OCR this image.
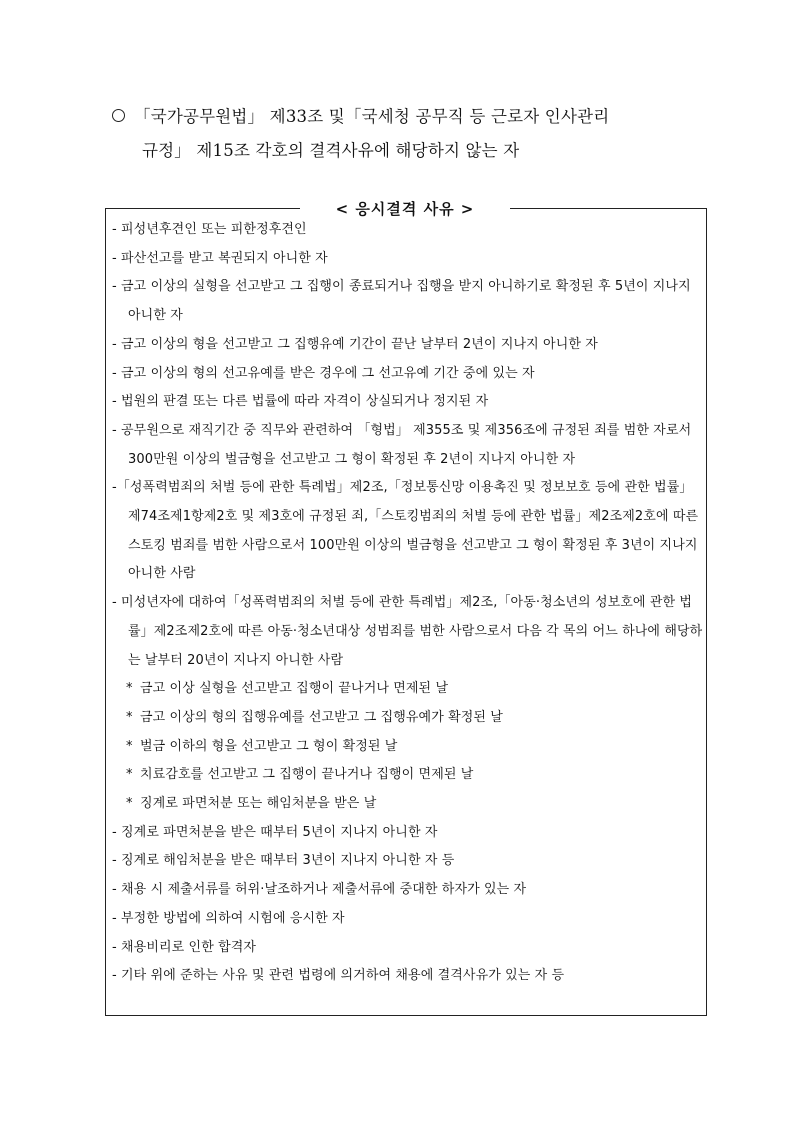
「국가공무원법」 제33조 및「국세청 공무직 등 근로자 인사관리
규정」 제15조 각호의 결격사유에 해당하지 않는 자
< 응시결격 사유 >

- 피성년후견인 또는 피한정후견인

- 파산선고를 받고 복권되지 아니한 자

- 금고 이상의 실형을 선고받고 그 집행이 종료되거나 집행을 받지 아니하기로 확정된 후 5년이 지나지 아니한 자

- 금고 이상의 형을 선고받고 그 집행유예 기간이 끝난 날부터 2년이 지나지 아니한 자

- 금고 이상의 형의 선고유예를 받은 경우에 그 선고유예 기간 중에 있는 자

- 법원의 판결 또는 다른 법률에 따라 자격이 상실되거나 정지된 자

- 공무원으로 재직기간 중 직무와 관련하여 「형법」 제355조 및 제356조에 규정된 죄를 범한 자로서 300만원 이상의 벌금형을 선고받고 그 형이 확정된 후 2년이 지나지 아니한 자

-「성폭력범죄의 처벌 등에 관한 특례법」제2조,「정보통신망 이용촉진 및 정보보호 등에 관한 법률」제74조제1항제2호 및 제3호에 규정된 죄,「스토킹범죄의 처벌 등에 관한 법률」제2조제2호에 따른 스토킹 범죄를 범한 사람으로서 100만원 이상의 벌금형을 선고받고 그 형이 확정된 후 3년이 지나지 아니한 사람

- 미성년자에 대하여「성폭력범죄의 처벌 등에 관한 특례법」제2조,「아동·청소년의 성보호에 관한 법률」제2조제2호에 따른 아동·청소년대상 성범죄를 범한 사람으로서 다음 각 목의 어느 하나에 해당하는 날부터 20년이 지나지 아니한 사람

* 금고 이상 실형을 선고받고 집행이 끝나거나 면제된 날

* 금고 이상의 형의 집행유예를 선고받고 그 집행유예가 확정된 날

* 벌금 이하의 형을 선고받고 그 형이 확정된 날

* 치료감호를 선고받고 그 집행이 끝나거나 집행이 면제된 날

* 징계로 파면처분 또는 해임처분을 받은 날

- 징계로 파면처분을 받은 때부터 5년이 지나지 아니한 자

- 징계로 해임처분을 받은 때부터 3년이 지나지 아니한 자 등

- 채용 시 제출서류를 허위·날조하거나 제출서류에 중대한 하자가 있는 자

- 부정한 방법에 의하여 시험에 응시한 자

- 채용비리로 인한 합격자

- 기타 위에 준하는 사유 및 관련 법령에 의거하여 채용에 결격사유가 있는 자 등
